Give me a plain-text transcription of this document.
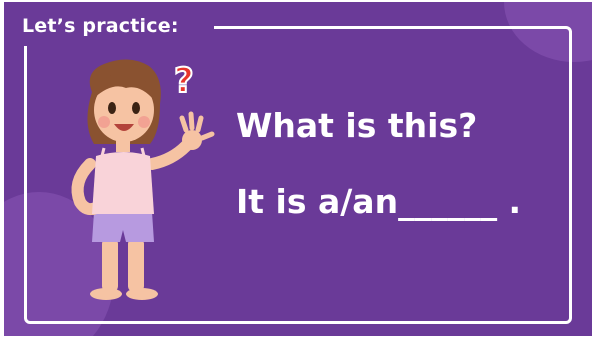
Let’s practice:
?
What is this?
It is a/an______ .
